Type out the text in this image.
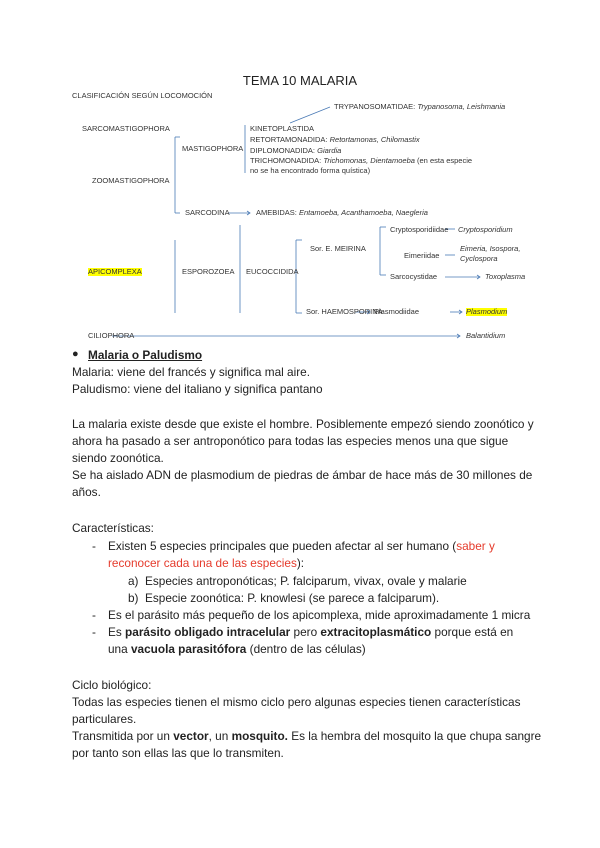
TEMA 10 MALARIA
CLASIFICACIÓN SEGÚN LOCOMOCIÓN
SARCOMASTIGOPHORA
ZOOMASTIGOPHORA
MASTIGOPHORA
TRYPANOSOMATIDAE: Trypanosoma, Leishmania
KINETOPLASTIDA
RETORTAMONADIDA: Retortamonas, Chilomastix
DIPLOMONADIDA: Giardia
TRICHOMONADIDA: Trichomonas, Dientamoeba (en esta especie
no se ha encontrado forma quística)
SARCODINA	AMEBIDAS: Entamoeba, Acanthamoeba, Naegleria
APICOMPLEXA	ESPOROZOEA EUCOCCIDIDA
Sor. E. MEIRINA
Cryptosporidiidae Cryptosporidium
Eimeriidae
Eimeria, Isospora,
Cyclospora
Sarcocystidae	Toxoplasma
Sor. HAEMOSPORINA
Plasmodiidae	Plasmodium
CILIOPHORA	Balantidium
● Malaria o Paludismo

Malaria: viene del francés y significa mal aire.

Paludismo: viene del italiano y significa pantano

La malaria existe desde que existe el hombre. Posiblemente empezó siendo zoonótico y ahora ha pasado a ser antroponótico para todas las especies menos una que sigue siendo zoonótica.

Se ha aislado ADN de plasmodium de piedras de ámbar de hace más de 30 millones de años.

Características:
- Existen 5 especies principales que pueden afectar al ser humano (saber y reconocer cada una de las especies):
a) Especies antroponóticas; P. falciparum, vivax, ovale y malarie
b) Especie zoonótica: P. knowlesi (se parece a falciparum).
- Es el parásito más pequeño de los apicomplexa, mide aproximadamente 1 micra
- Es parásito obligado intracelular pero extracitoplasmático porque está en una vacuola parasitófora (dentro de las células)

Ciclo biológico:

Todas las especies tienen el mismo ciclo pero algunas especies tienen características particulares.

Transmitida por un vector, un mosquito. Es la hembra del mosquito la que chupa sangre por tanto son ellas las que lo transmiten.
